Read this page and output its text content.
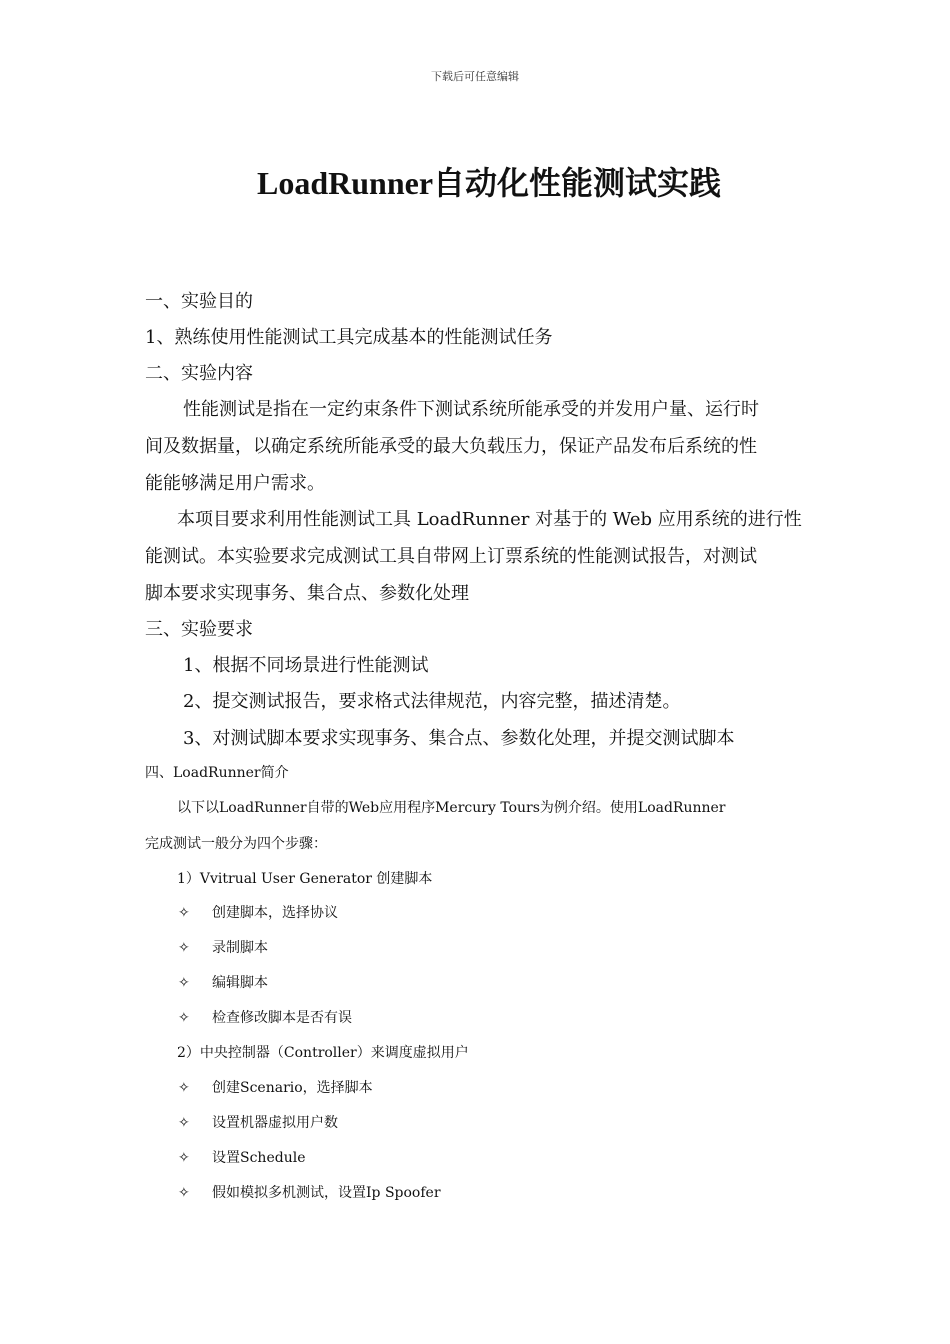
下载后可任意编辑
LoadRunner自动化性能测试实践
一、实验目的
1、熟练使用性能测试工具完成基本的性能测试任务
二、实验内容
性能测试是指在一定约束条件下测试系统所能承受的并发用户量、运行时
间及数据量，以确定系统所能承受的最大负载压力，保证产品发布后系统的性
能能够满足用户需求。
本项目要求利用性能测试工具 LoadRunner 对基于的 Web 应用系统的进行性
能测试。本实验要求完成测试工具自带网上订票系统的性能测试报告，对测试
脚本要求实现事务、集合点、参数化处理
三、实验要求
1、根据不同场景进行性能测试
2、提交测试报告，要求格式法律规范，内容完整，描述清楚。
3、对测试脚本要求实现事务、集合点、参数化处理，并提交测试脚本
四、LoadRunner简介
以下以LoadRunner自带的Web应用程序Mercury Tours为例介绍。使用LoadRunner
完成测试一般分为四个步骤：
1）Vvitrual User Generator 创建脚本
✧ 创建脚本，选择协议
✧ 录制脚本
✧ 编辑脚本
✧ 检查修改脚本是否有误
2）中央控制器（Controller）来调度虚拟用户
✧ 创建Scenario，选择脚本
✧ 设置机器虚拟用户数
✧ 设置Schedule
✧ 假如模拟多机测试，设置Ip Spoofer
